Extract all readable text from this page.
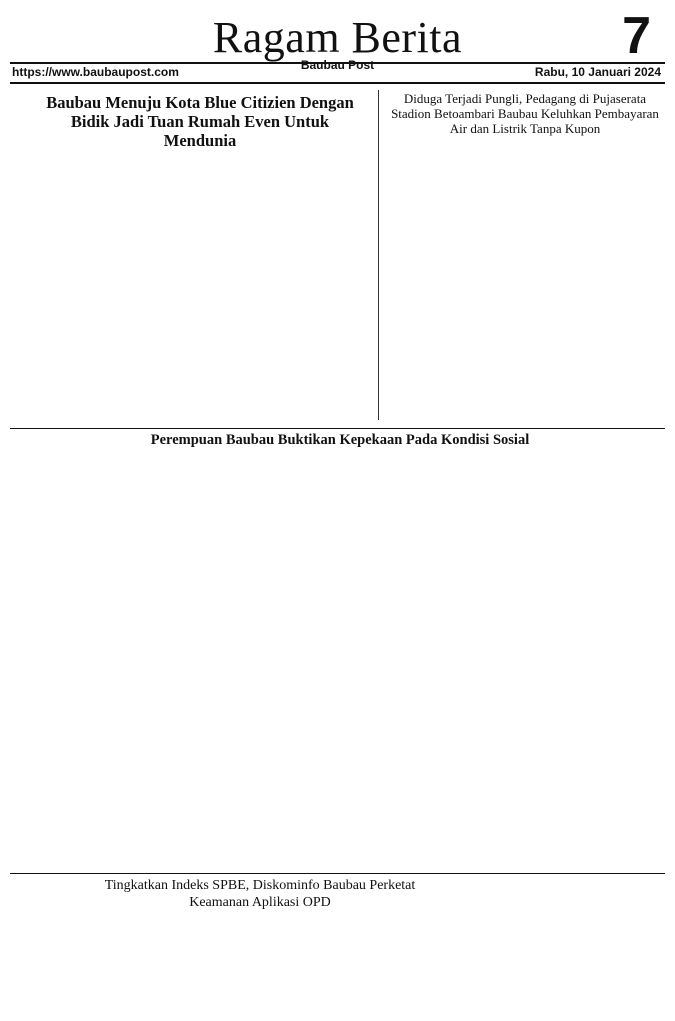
Ragam Berita
Baubau Post	7
https://www.baubaupost.com	Rabu, 10 Januari 2024
Baubau Menuju Kota Blue Citizien Dengan Bidik Jadi Tuan Rumah Even Untuk Mendunia
Diduga Terjadi Pungli, Pedagang di Pujaserata Stadion Betoambari Baubau Keluhkan Pembayaran Air dan Listrik Tanpa Kupon
Perempuan Baubau Buktikan Kepekaan Pada Kondisi Sosial
Tingkatkan Indeks SPBE, Diskominfo Baubau Perketat Keamanan Aplikasi OPD
